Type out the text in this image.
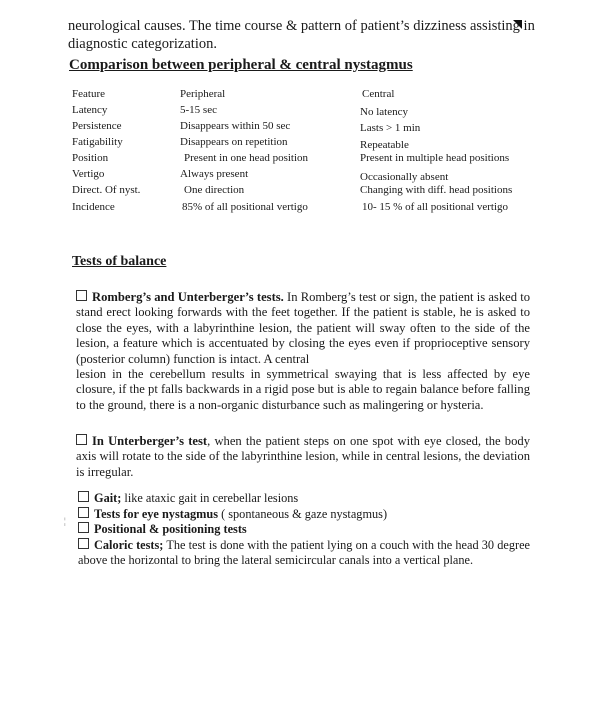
neurological causes. The time course & pattern of patient’s dizziness assisting in diagnostic categorization.
Comparison between peripheral & central nystagmus
Feature	Peripheral	Central
Latency	5-15 sec	No latency
Persistence	Disappears within 50 sec	Lasts > 1 min
Fatigability	Disappears on repetition	Repeatable
Position	Present in one head position	Present in multiple head positions
Vertigo	Always present	Occasionally absent
Direct. Of nyst.	One direction	Changing with diff. head positions
Incidence	85% of all positional vertigo	10- 15 % of all positional vertigo
Tests of balance
Romberg’s and Unterberger’s tests. In Romberg’s test or sign, the patient is asked to stand erect looking forwards with the feet together. If the patient is stable, he is asked to close the eyes, with a labyrinthine lesion, the patient will sway often to the side of the lesion, a feature which is accentuated by closing the eyes even if proprioceptive sensory (posterior column) function is intact. A central
lesion in the cerebellum results in symmetrical swaying that is less affected by eye closure, if the pt falls backwards in a rigid pose but is able to regain balance before falling to the ground, there is a non-organic disturbance such as malingering or hysteria.
In Unterberger’s test, when the patient steps on one spot with eye closed, the body axis will rotate to the side of the labyrinthine lesion, while in central lesions, the deviation is irregular.
¦
Gait; like ataxic gait in cerebellar lesions
Tests for eye nystagmus ( spontaneous & gaze nystagmus)
Positional & positioning tests
Caloric tests; The test is done with the patient lying on a couch with the head 30 degree above the horizontal to bring the lateral semicircular canals into a vertical plane.
